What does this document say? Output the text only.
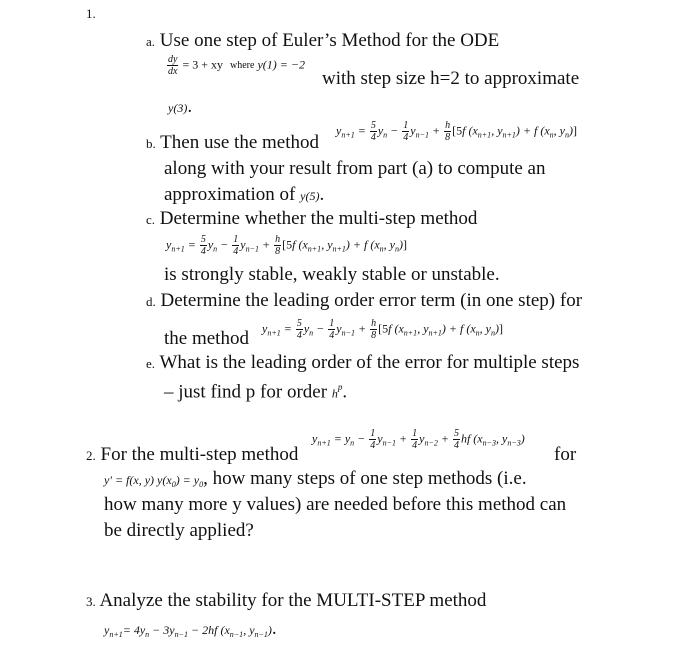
1.
a. Use one step of Euler’s Method for the ODE
$\frac{dy}{dx} = 3$ + xy where y(1) = −2
with step size h=2 to approximate
y(3).
b. Then use the method
$y_{n+1} = \frac{5}{4} y_n - \frac{1}{4} y_{n-1} + \frac{h}{8} [5f$ ($x_{n+1}$, $y_{n+1}) + f$ ($x_n$, $y_n$)]
along with your result from part (a) to compute an
approximation of y(5).
c. Determine whether the multi-step method
$y_{n+1} = \frac{5}{4} y_n - \frac{1}{4} y_{n-1} + \frac{h}{8} [5f$ ($x_{n+1}$, $y_{n+1}) + f$ ($x_n$, $y_n$)]
is strongly stable, weakly stable or unstable.
d. Determine the leading order error term (in one step) for
the method $y_{n+1} = \frac{5}{4} y_n - \frac{1}{4} y_{n-1} + \frac{h}{8} [5f$ ($x_{n+1}$, $y_{n+1}) + f$ ($x_n$, $y_n$)]
e. What is the leading order of the error for multiple steps
– just find p for order $h^p$.
2. For the multi-step method
$y_{n+1} = y_n - \frac{1}{4} y_{n-1} + \frac{1}{4} y_{n-2} + \frac{5}{4}$ hf ($x_{n-3}$, $y_{n-3}$)
for
y′ = f(x, y) $y(x_0) = y_0$, how many steps of one step methods (i.e.
how many more y values) are needed before this method can
be directly applied?
3. Analyze the stability for the MULTI-STEP method
$y_{n+1}= 4y_n - 3y_{n-1} - 2hf$ ($x_{n-1}$, $y_{n-1}$).
